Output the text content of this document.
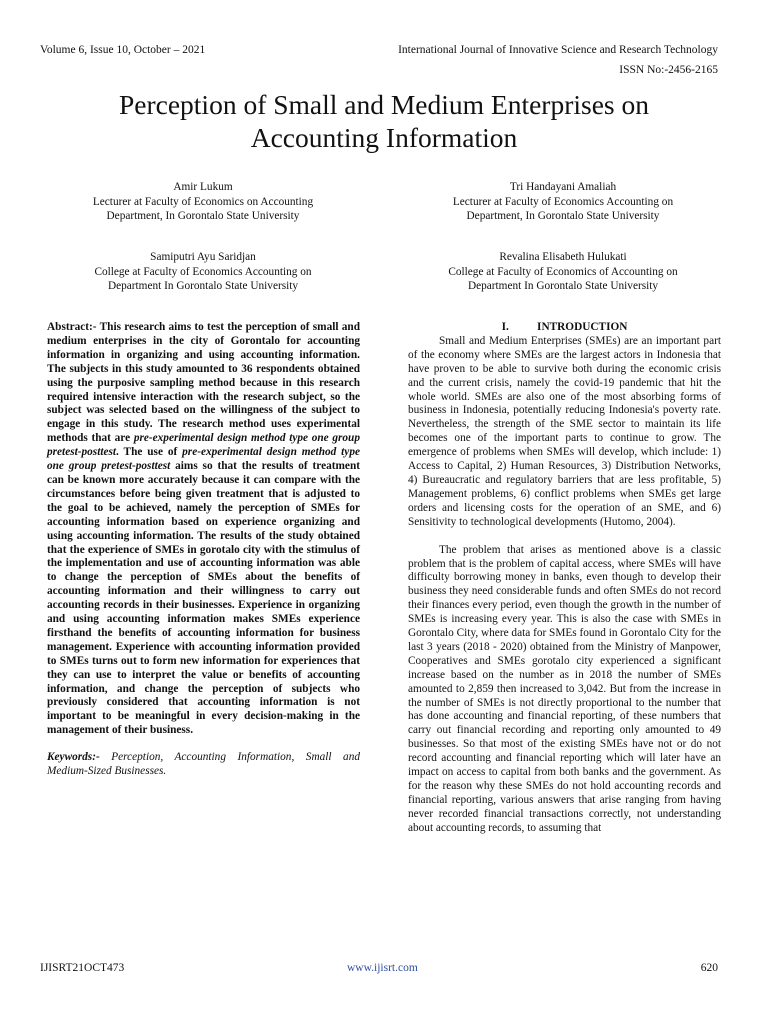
Volume 6, Issue 10, October – 2021	International Journal of Innovative Science and Research Technology
ISSN No:-2456-2165
Perception of Small and Medium Enterprises on
Accounting Information
Amir Lukum
Lecturer at Faculty of Economics on Accounting
Department, In Gorontalo State University
Tri Handayani Amaliah
Lecturer at Faculty of Economics Accounting on
Department, In Gorontalo State University
Samiputri Ayu Saridjan
College at Faculty of Economics Accounting on
Department In Gorontalo State University
Revalina Elisabeth Hulukati
College at Faculty of Economics of Accounting on
Department In Gorontalo State University

Abstract:- This research aims to test the perception of small and medium enterprises in the city of Gorontalo for accounting information in organizing and using accounting information. The subjects in this study amounted to 36 respondents obtained using the purposive sampling method because in this research required intensive interaction with the research subject, so the subject was selected based on the willingness of the subject to engage in this study. The research method uses experimental methods that are pre-experimental design method type one group pretest-posttest. The use of pre-experimental design method type one group pretest-posttest aims so that the results of treatment can be known more accurately because it can compare with the circumstances before being given treatment that is adjusted to the goal to be achieved, namely the perception of SMEs for accounting information based on experience organizing and using accounting information. The results of the study obtained that the experience of SMEs in gorotalo city with the stimulus of the implementation and use of accounting information was able to change the perception of SMEs about the benefits of accounting information and their willingness to carry out accounting records in their businesses. Experience in organizing and using accounting information makes SMEs experience firsthand the benefits of accounting information for business management. Experience with accounting information provided to SMEs turns out to form new information for experiences that they can use to interpret the value or benefits of accounting information, and change the perception of subjects who previously considered that accounting information is not important to be meaningful in every decision-making in the management of their business.

Keywords:- Perception, Accounting Information, Small and Medium-Sized Businesses.

I.	INTRODUCTION

Small and Medium Enterprises (SMEs) are an important part of the economy where SMEs are the largest actors in Indonesia that have proven to be able to survive both during the economic crisis and the current crisis, namely the covid-19 pandemic that hit the whole world. SMEs are also one of the most absorbing forms of business in Indonesia, potentially reducing Indonesia's poverty rate. Nevertheless, the strength of the SME sector to maintain its life becomes one of the important parts to continue to grow. The emergence of problems when SMEs will develop, which include: 1) Access to Capital, 2) Human Resources, 3) Distribution Networks, 4) Bureaucratic and regulatory barriers that are less profitable, 5) Management problems, 6) conflict problems when SMEs get large orders and licensing costs for the operation of an SME, and 6) Sensitivity to technological developments (Hutomo, 2004).

The problem that arises as mentioned above is a classic problem that is the problem of capital access, where SMEs will have difficulty borrowing money in banks, even though to develop their business they need considerable funds and often SMEs do not record their finances every period, even though the growth in the number of SMEs is increasing every year. This is also the case with SMEs in Gorontalo City, where data for SMEs found in Gorontalo City for the last 3 years (2018 - 2020) obtained from the Ministry of Manpower, Cooperatives and SMEs gorotalo city experienced a significant increase based on the number as in 2018 the number of SMEs amounted to 2,859 then increased to 3,042. But from the increase in the number of SMEs is not directly proportional to the number that has done accounting and financial reporting, of these numbers that carry out financial recording and reporting only amounted to 49 businesses. So that most of the existing SMEs have not or do not record accounting and financial reporting which will later have an impact on access to capital from both banks and the government. As for the reason why these SMEs do not hold accounting records and financial reporting, various answers that arise ranging from having never recorded financial transactions correctly, not understanding about accounting records, to assuming that

IJISRT21OCT473	www.ijisrt.com	620
